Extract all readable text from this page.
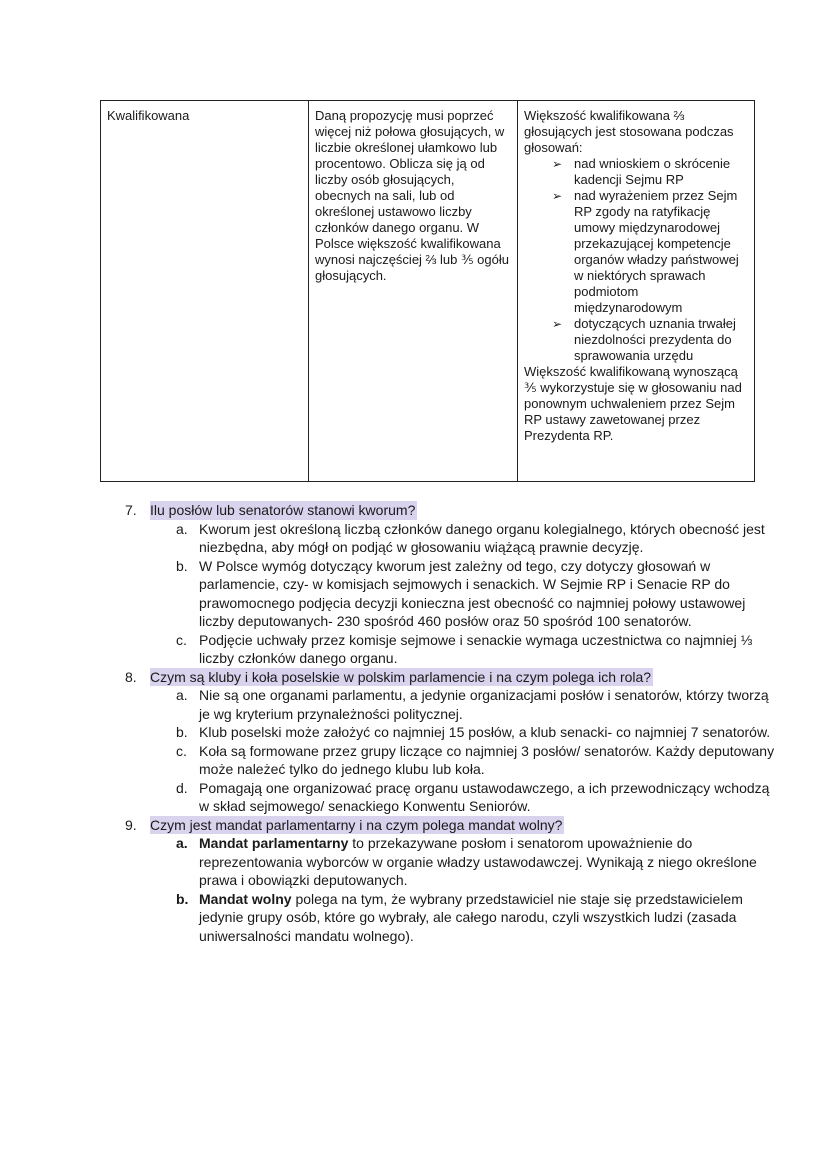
Kwalifikowana	Daną propozycję musi poprzeć więcej niż połowa głosujących, w liczbie określonej ułamkowo lub procentowo. Oblicza się ją od liczby osób głosujących, obecnych na sali, lub od określonej ustawowo liczby członków danego organu. W Polsce większość kwalifikowana wynosi najczęściej ⅔ lub ⅗ ogółu głosujących.

Większość kwalifikowana ⅔ głosujących jest stosowana podczas głosowań:

➢ nad wnioskiem o skrócenie kadencji Sejmu RP
➢ nad wyrażeniem przez Sejm RP zgody na ratyfikację umowy międzynarodowej przekazującej kompetencje organów władzy państwowej w niektórych sprawach podmiotom międzynarodowym
➢ dotyczących uznania trwałej niezdolności prezydenta do sprawowania urzędu

Większość kwalifikowaną wynoszącą ⅗ wykorzystuje się w głosowaniu nad ponownym uchwaleniem przez Sejm RP ustawy zawetowanej przez Prezydenta RP.

7. Ilu posłów lub senatorów stanowi kworum?
a. Kworum jest określoną liczbą członków danego organu kolegialnego, których obecność jest niezbędna, aby mógł on podjąć w głosowaniu wiążącą prawnie decyzję.
b. W Polsce wymóg dotyczący kworum jest zależny od tego, czy dotyczy głosowań w parlamencie, czy- w komisjach sejmowych i senackich. W Sejmie RP i Senacie RP do prawomocnego podjęcia decyzji konieczna jest obecność co najmniej połowy ustawowej liczby deputowanych- 230 spośród 460 posłów oraz 50 spośród 100 senatorów.
c. Podjęcie uchwały przez komisje sejmowe i senackie wymaga uczestnictwa co najmniej ⅓ liczby członków danego organu.
8. Czym są kluby i koła poselskie w polskim parlamencie i na czym polega ich rola?
a. Nie są one organami parlamentu, a jedynie organizacjami posłów i senatorów, którzy tworzą je wg kryterium przynależności politycznej.
b. Klub poselski może założyć co najmniej 15 posłów, a klub senacki- co najmniej 7 senatorów.
c. Koła są formowane przez grupy liczące co najmniej 3 posłów/ senatorów. Każdy deputowany może należeć tylko do jednego klubu lub koła.
d. Pomagają one organizować pracę organu ustawodawczego, a ich przewodniczący wchodzą w skład sejmowego/ senackiego Konwentu Seniorów.
9. Czym jest mandat parlamentarny i na czym polega mandat wolny?
a. Mandat parlamentarny to przekazywane posłom i senatorom upoważnienie do reprezentowania wyborców w organie władzy ustawodawczej. Wynikają z niego określone prawa i obowiązki deputowanych.
b. Mandat wolny polega na tym, że wybrany przedstawiciel nie staje się przedstawicielem jedynie grupy osób, które go wybrały, ale całego narodu, czyli wszystkich ludzi (zasada uniwersalności mandatu wolnego).
